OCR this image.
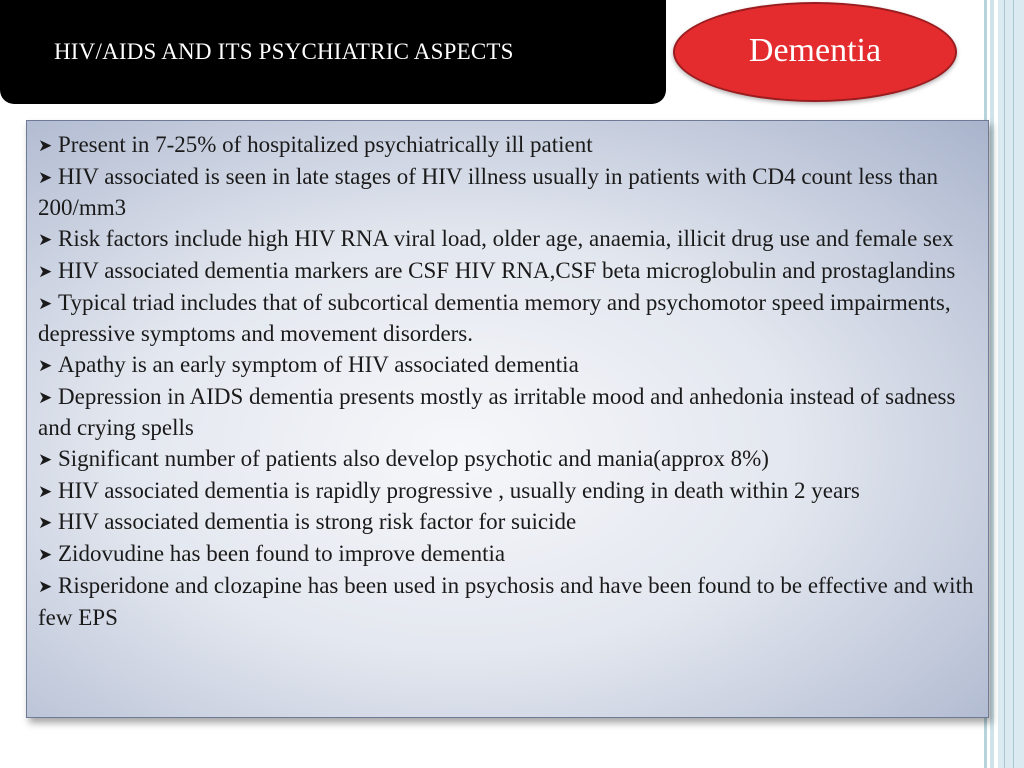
HIV/AIDS AND ITS PSYCHIATRIC ASPECTS	Dementia
➤ Present in 7-25% of hospitalized psychiatrically ill patient
➤ HIV associated is seen in late stages of HIV illness usually in patients with CD4 count less than 200/mm3
➤ Risk factors include high HIV RNA viral load, older age, anaemia, illicit drug use and female sex
➤ HIV associated dementia markers are CSF HIV RNA,CSF beta microglobulin and prostaglandins
➤ Typical triad includes that of subcortical dementia memory and psychomotor speed impairments, depressive symptoms and movement disorders.
➤ Apathy is an early symptom of HIV associated dementia
➤ Depression in AIDS dementia presents mostly as irritable mood and anhedonia instead of sadness and crying spells
➤ Significant number of patients also develop psychotic and mania(approx 8%)
➤ HIV associated dementia is rapidly progressive , usually ending in death within 2 years
➤ HIV associated dementia is strong risk factor for suicide
➤ Zidovudine has been found to improve dementia
➤ Risperidone and clozapine has been used in psychosis and have been found to be effective and with few EPS
